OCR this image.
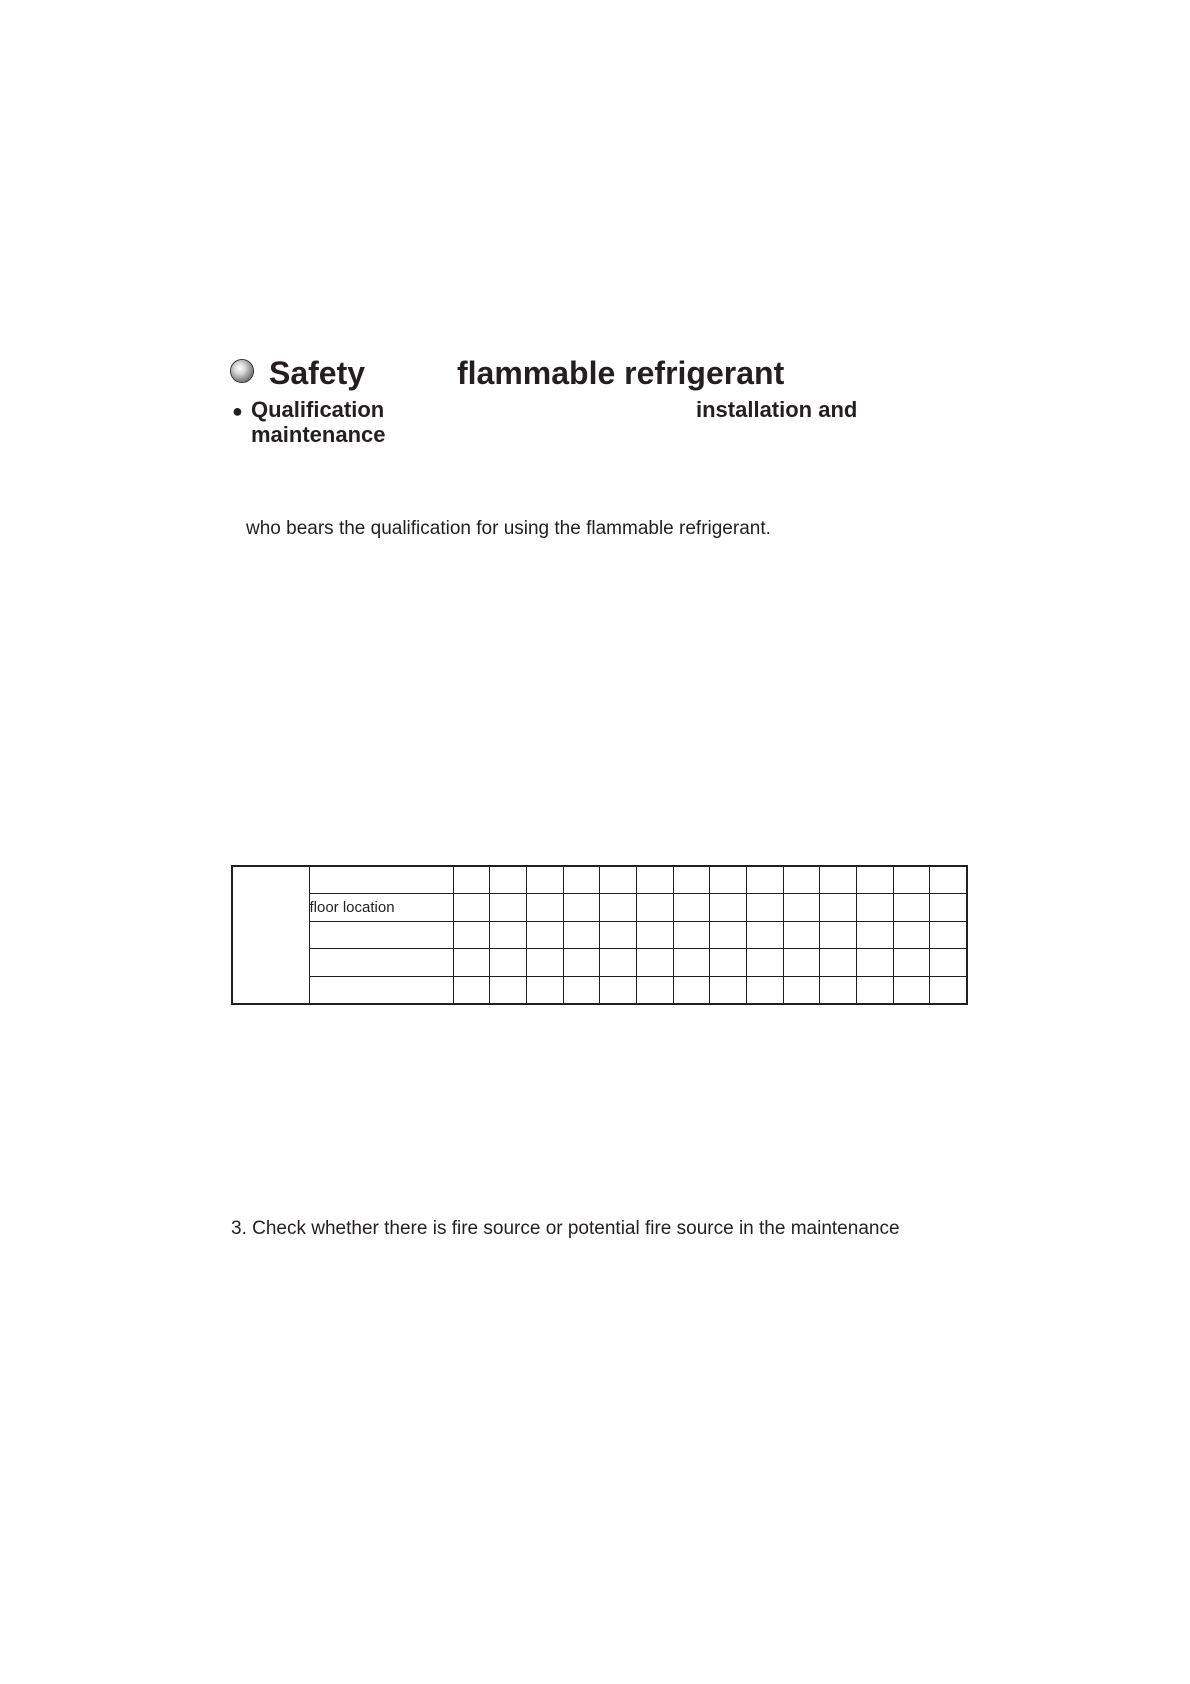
Safety	flammable refrigerant
● Qualification	installation and
maintenance
who bears the qualification for using the flammable refrigerant.

	floor location														

3. Check whether there is fire source or potential fire source in the maintenance
